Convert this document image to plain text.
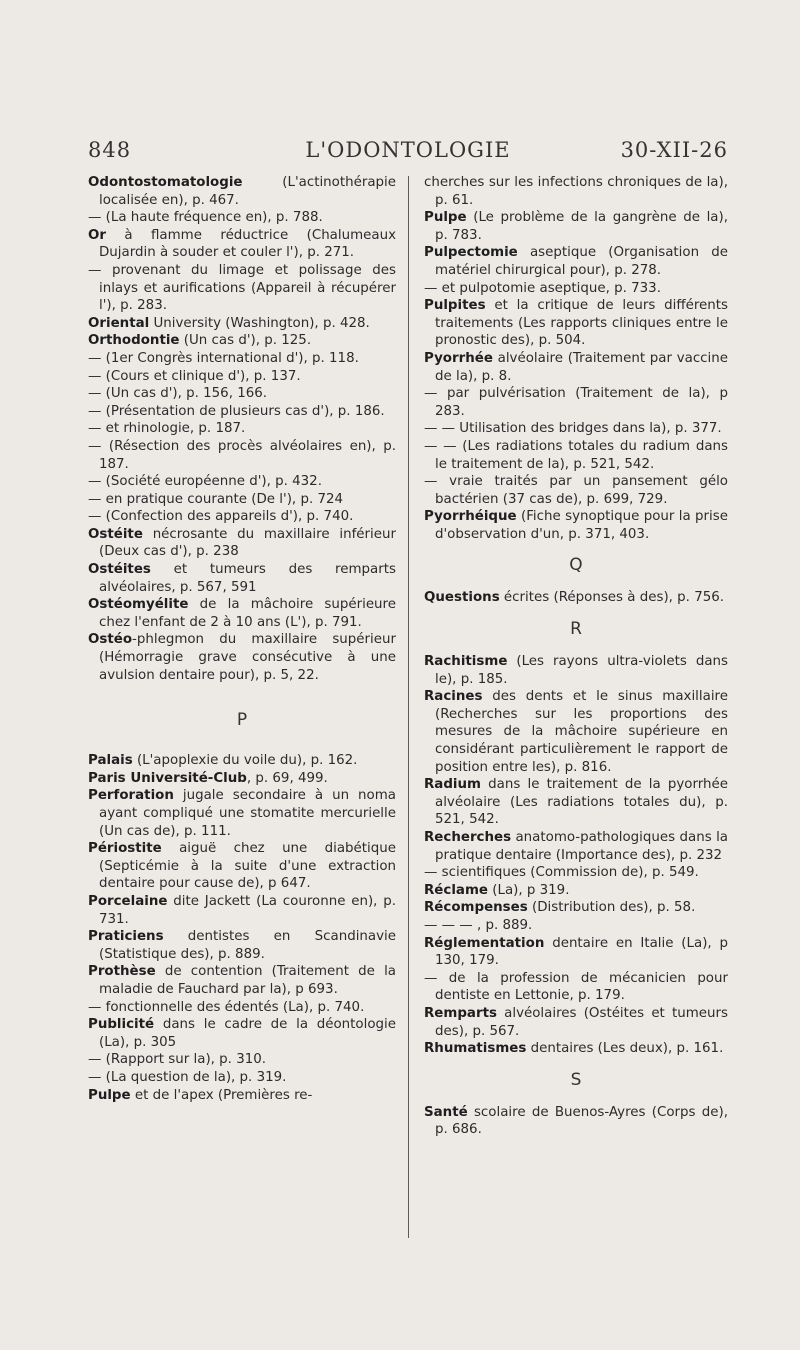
848	L'ODONTOLOGIE	30-XII-26
Odontostomatologie (L'actinothérapie localisée en), p. 467.
— (La haute fréquence en), p. 788.
Or à flamme réductrice (Chalumeaux Dujardin à souder et couler l'), p. 271.
— provenant du limage et polissage des inlays et aurifications (Appareil à récupérer l'), p. 283.
Oriental University (Washington), p. 428.
Orthodontie (Un cas d'), p. 125.
— (1er Congrès international d'), p. 118.
— (Cours et clinique d'), p. 137.
— (Un cas d'), p. 156, 166.
— (Présentation de plusieurs cas d'), p. 186.
— et rhinologie, p. 187.
— (Résection des procès alvéolaires en), p. 187.
— (Société européenne d'), p. 432.
— en pratique courante (De l'), p. 724
— (Confection des appareils d'), p. 740.
Ostéite nécrosante du maxillaire inférieur (Deux cas d'), p. 238
Ostéites et tumeurs des remparts alvéolaires, p. 567, 591
Ostéomyélite de la mâchoire supérieure chez l'enfant de 2 à 10 ans (L'), p. 791.
Ostéo-phlegmon du maxillaire supérieur (Hémorragie grave consécutive à une avulsion dentaire pour), p. 5, 22.
P
Palais (L'apoplexie du voile du), p. 162.
Paris Université-Club, p. 69, 499.
Perforation jugale secondaire à un noma ayant compliqué une stomatite mercurielle (Un cas de), p. 111.
Périostite aiguë chez une diabétique (Septicémie à la suite d'une extraction dentaire pour cause de), p 647.
Porcelaine dite Jackett (La couronne en), p. 731.
Praticiens dentistes en Scandinavie (Statistique des), p. 889.
Prothèse de contention (Traitement de la maladie de Fauchard par la), p 693.
— fonctionnelle des édentés (La), p. 740.
Publicité dans le cadre de la déontologie (La), p. 305
— (Rapport sur la), p. 310.
— (La question de la), p. 319.
Pulpe et de l'apex (Premières re-
cherches sur les infections chroniques de la), p. 61.
Pulpe (Le problème de la gangrène de la), p. 783.
Pulpectomie aseptique (Organisation de matériel chirurgical pour), p. 278.
— et pulpotomie aseptique, p. 733.
Pulpites et la critique de leurs différents traitements (Les rapports cliniques entre le pronostic des), p. 504.
Pyorrhée alvéolaire (Traitement par vaccine de la), p. 8.
— par pulvérisation (Traitement de la), p 283.
— — Utilisation des bridges dans la), p. 377.
— — (Les radiations totales du radium dans le traitement de la), p. 521, 542.
— vraie traités par un pansement gélo bactérien (37 cas de), p. 699, 729.
Pyorrhéique (Fiche synoptique pour la prise d'observation d'un, p. 371, 403.
Q
Questions écrites (Réponses à des), p. 756.
R
Rachitisme (Les rayons ultra-violets dans le), p. 185.
Racines des dents et le sinus maxillaire (Recherches sur les proportions des mesures de la mâchoire supérieure en considérant particulièrement le rapport de position entre les), p. 816.
Radium dans le traitement de la pyorrhée alvéolaire (Les radiations totales du), p. 521, 542.
Recherches anatomo-pathologiques dans la pratique dentaire (Importance des), p. 232
— scientifiques (Commission de), p. 549.
Réclame (La), p 319.
Récompenses (Distribution des), p. 58.
— — — , p. 889.
Réglementation dentaire en Italie (La), p 130, 179.
— de la profession de mécanicien pour dentiste en Lettonie, p. 179.
Remparts alvéolaires (Ostéites et tumeurs des), p. 567.
Rhumatismes dentaires (Les deux), p. 161.
S
Santé scolaire de Buenos-Ayres (Corps de), p. 686.
